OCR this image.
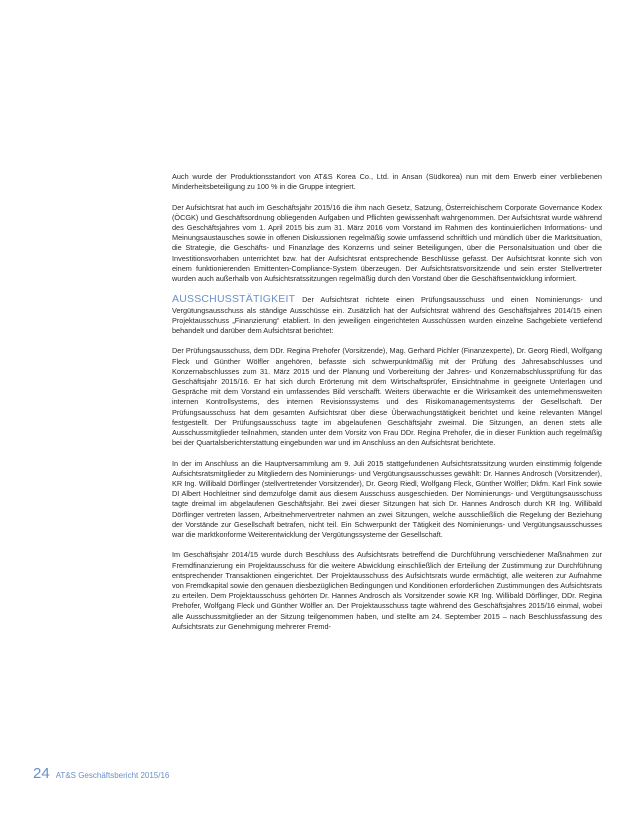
Auch wurde der Produktionsstandort von AT&S Korea Co., Ltd. in Ansan (Südkorea) nun mit dem Erwerb einer verbliebenen Minderheitsbeteiligung zu 100 % in die Gruppe integriert.

Der Aufsichtsrat hat auch im Geschäftsjahr 2015/16 die ihm nach Gesetz, Satzung, Österreichischem Corporate Governance Kodex (ÖCGK) und Geschäftsordnung obliegenden Aufgaben und Pflichten gewissenhaft wahrgenommen. Der Aufsichtsrat wurde während des Geschäftsjahres vom 1. April 2015 bis zum 31. März 2016 vom Vorstand im Rahmen des kontinuierlichen Informations- und Meinungsaustausches sowie in offenen Diskussionen regelmäßig sowie umfassend schriftlich und mündlich über die Marktsituation, die Strategie, die Geschäfts- und Finanzlage des Konzerns und seiner Beteiligungen, über die Personalsituation und über die Investitionsvorhaben unterrichtet bzw. hat der Aufsichtsrat entsprechende Beschlüsse gefasst. Der Aufsichtsrat konnte sich von einem funktionierenden Emittenten-Compliance-System überzeugen. Der Aufsichtsratsvorsitzende und sein erster Stellvertreter wurden auch außerhalb von Aufsichtsratssitzungen regelmäßig durch den Vorstand über die Geschäftsentwicklung informiert.

AUSSCHUSSTÄTIGKEIT Der Aufsichtsrat richtete einen Prüfungsausschuss und einen Nominierungs- und Vergütungsausschuss als ständige Ausschüsse ein. Zusätzlich hat der Aufsichtsrat während des Geschäftsjahres 2014/15 einen Projektausschuss „Finanzierung“ etabliert. In den jeweiligen eingerichteten Ausschüssen wurden einzelne Sachgebiete vertiefend behandelt und darüber dem Aufsichtsrat berichtet:

Der Prüfungsausschuss, dem DDr. Regina Prehofer (Vorsitzende), Mag. Gerhard Pichler (Finanzexperte), Dr. Georg Riedl, Wolfgang Fleck und Günther Wölfler angehören, befasste sich schwerpunktmäßig mit der Prüfung des Jahresabschlusses und Konzernabschlusses zum 31. März 2015 und der Planung und Vorbereitung der Jahres- und Konzernabschlussprüfung für das Geschäftsjahr 2015/16. Er hat sich durch Erörterung mit dem Wirtschaftsprüfer, Einsichtnahme in geeignete Unterlagen und Gespräche mit dem Vorstand ein umfassendes Bild verschafft. Weiters überwachte er die Wirksamkeit des unternehmensweiten internen Kontrollsystems, des internen Revisionssystems und des Risikomanagementsystems der Gesellschaft. Der Prüfungsausschuss hat dem gesamten Aufsichtsrat über diese Überwachungstätigkeit berichtet und keine relevanten Mängel festgestellt. Der Prüfungsausschuss tagte im abgelaufenen Geschäftsjahr zweimal. Die Sitzungen, an denen stets alle Ausschussmitglieder teilnahmen, standen unter dem Vorsitz von Frau DDr. Regina Prehofer, die in dieser Funktion auch regelmäßig bei der Quartalsberichterstattung eingebunden war und im Anschluss an den Aufsichtsrat berichtete.

In der im Anschluss an die Hauptversammlung am 9. Juli 2015 stattgefundenen Aufsichtsratssitzung wurden einstimmig folgende Aufsichtsratsmitglieder zu Mitgliedern des Nominierungs- und Vergütungsausschusses gewählt: Dr. Hannes Androsch (Vorsitzender), KR Ing. Willibald Dörflinger (stellvertretender Vorsitzender), Dr. Georg Riedl, Wolfgang Fleck, Günther Wölfler; Dkfm. Karl Fink sowie DI Albert Hochleitner sind demzufolge damit aus diesem Ausschuss ausgeschieden. Der Nominierungs- und Vergütungsausschuss tagte dreimal im abgelaufenen Geschäftsjahr. Bei zwei dieser Sitzungen hat sich Dr. Hannes Androsch durch KR Ing. Willibald Dörflinger vertreten lassen, Arbeitnehmervertreter nahmen an zwei Sitzungen, welche ausschließlich die Regelung der Beziehung der Vorstände zur Gesellschaft betrafen, nicht teil. Ein Schwerpunkt der Tätigkeit des Nominierungs- und Vergütungsausschusses war die marktkonforme Weiterentwicklung der Vergütungssysteme der Gesellschaft.

Im Geschäftsjahr 2014/15 wurde durch Beschluss des Aufsichtsrats betreffend die Durchführung verschiedener Maßnahmen zur Fremdfinanzierung ein Projektausschuss für die weitere Abwicklung einschließlich der Erteilung der Zustimmung zur Durchführung entsprechender Transaktionen eingerichtet. Der Projektausschuss des Aufsichtsrats wurde ermächtigt, alle weiteren zur Aufnahme von Fremdkapital sowie den genauen diesbezüglichen Bedingungen und Konditionen erforderlichen Zustimmungen des Aufsichtsrats zu erteilen. Dem Projektausschuss gehörten Dr. Hannes Androsch als Vorsitzender sowie KR Ing. Willibald Dörflinger, DDr. Regina Prehofer, Wolfgang Fleck und Günther Wölfler an. Der Projektausschuss tagte während des Geschäftsjahres 2015/16 einmal, wobei alle Ausschussmitglieder an der Sitzung teilgenommen haben, und stellte am 24. September 2015 – nach Beschlussfassung des Aufsichtsrats zur Genehmigung mehrerer Fremd-

24 AT&S Geschäftsbericht 2015/16
